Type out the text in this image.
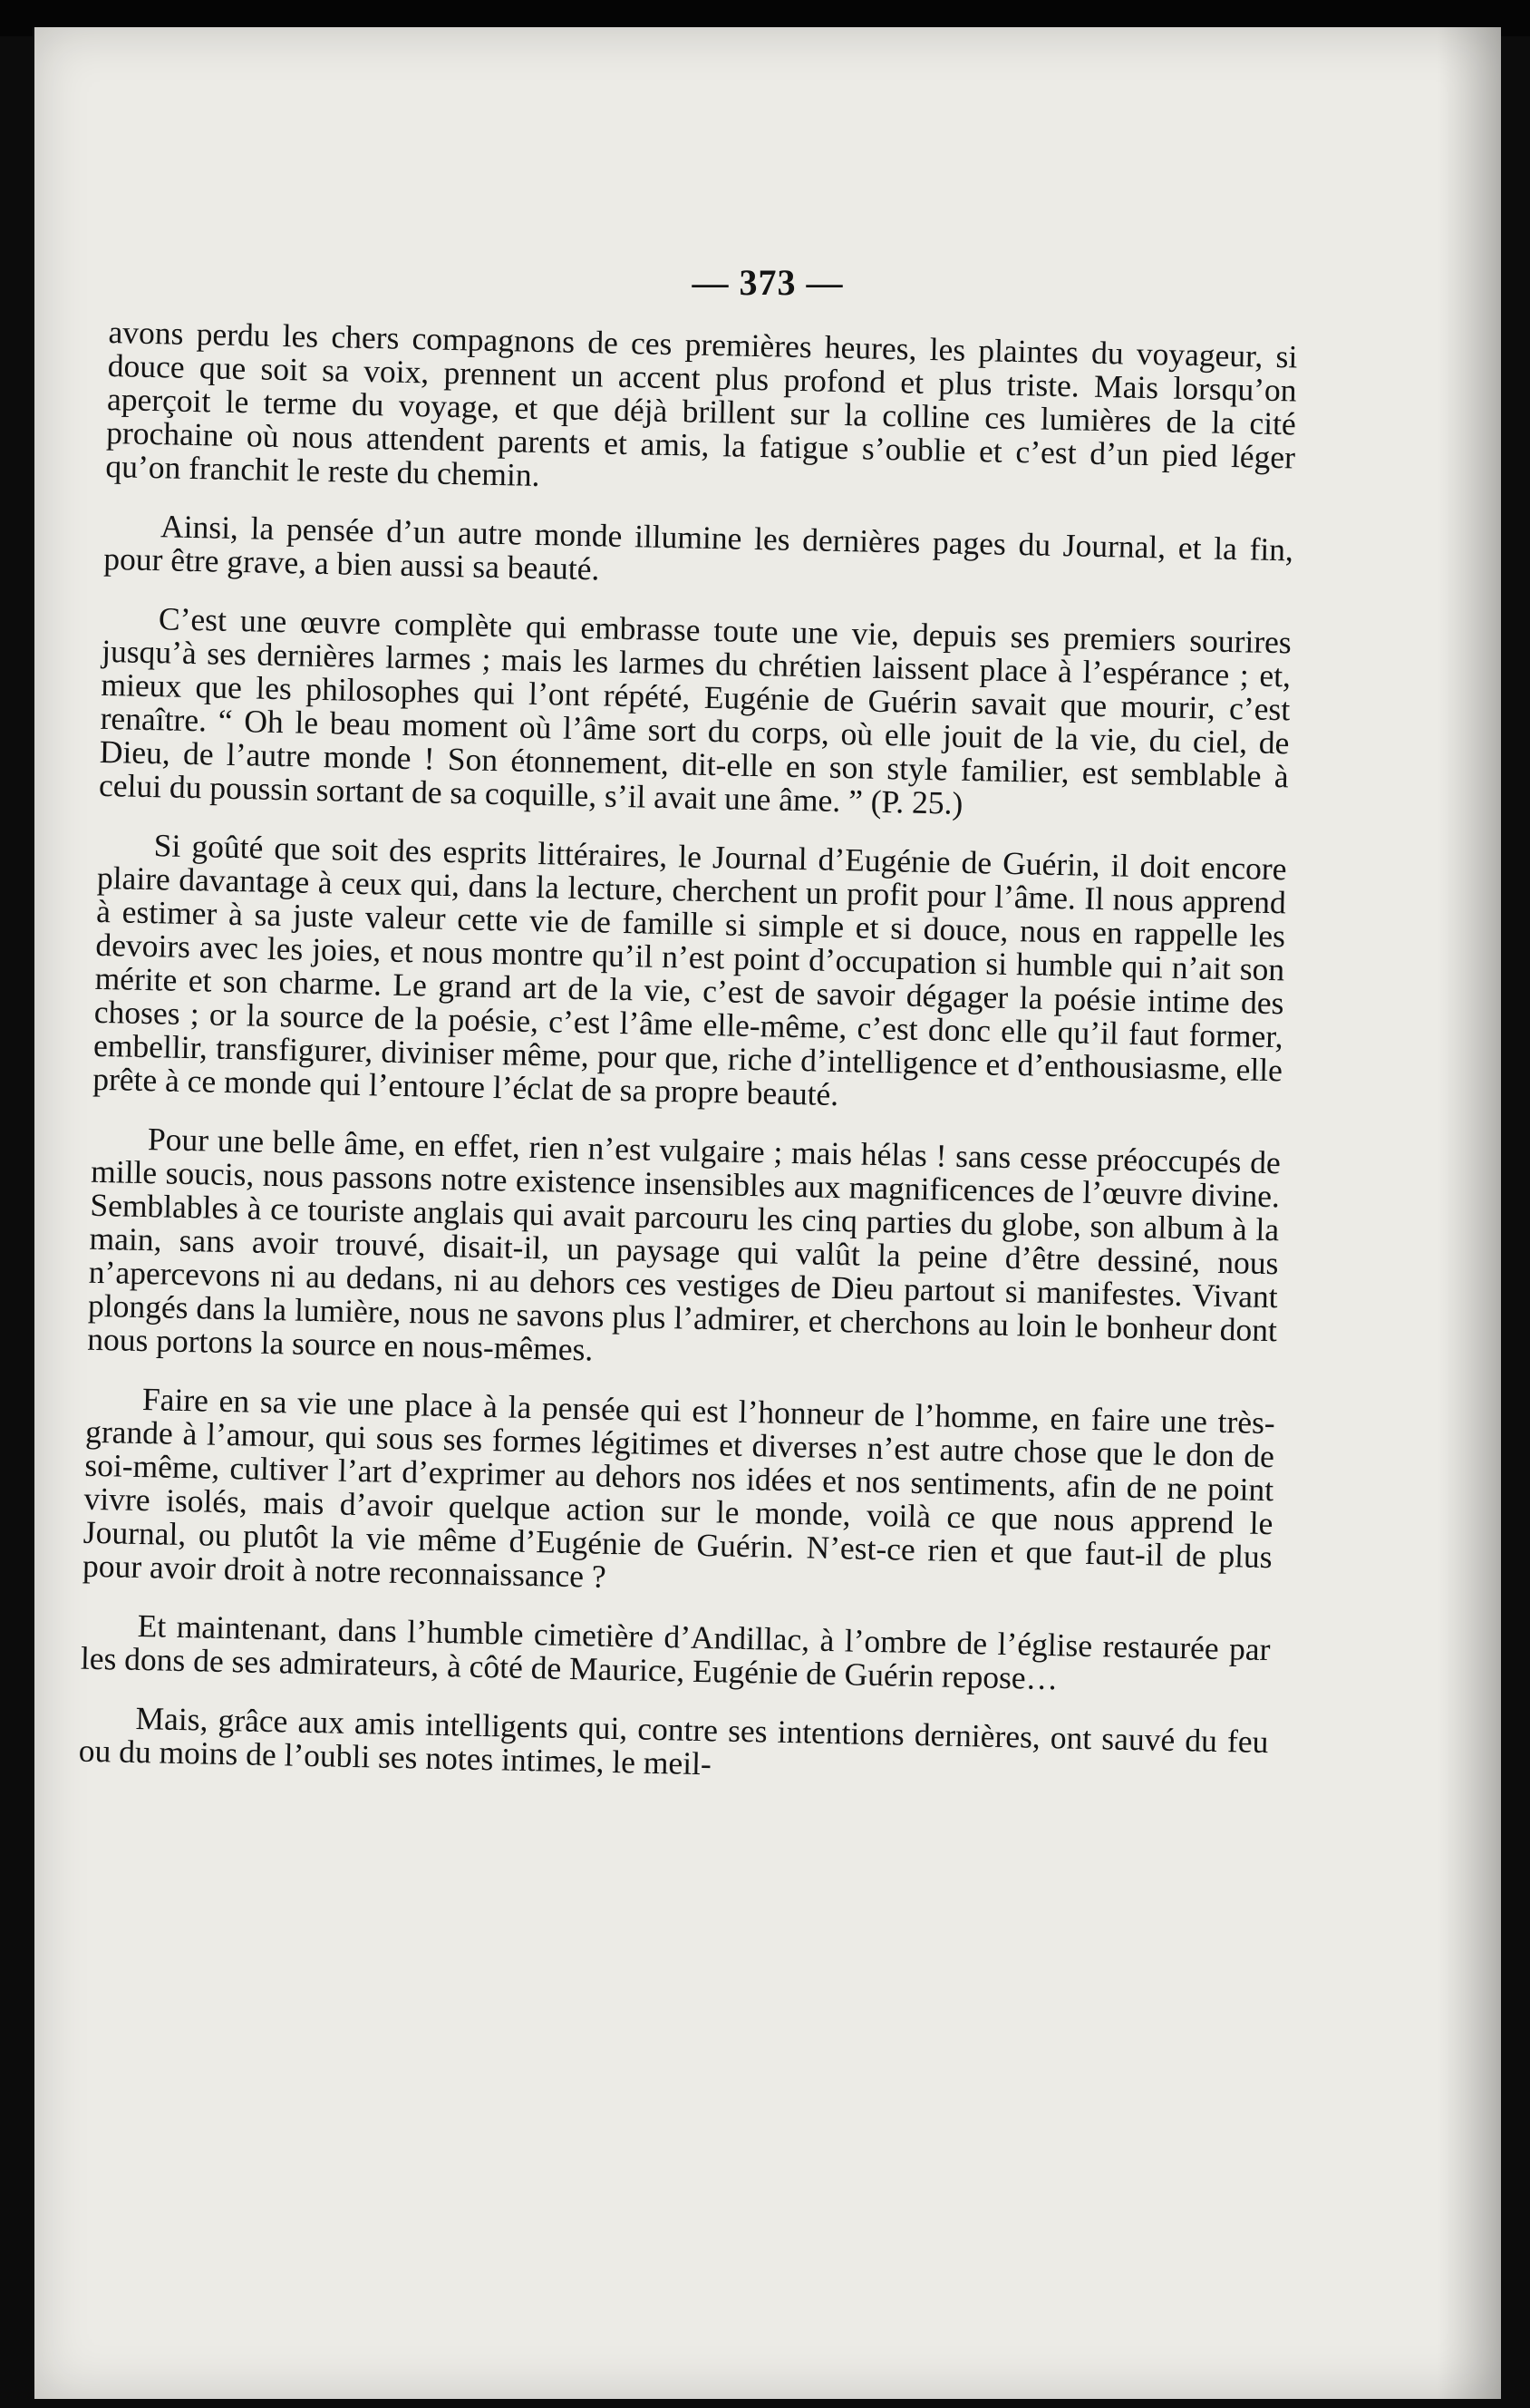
— 373 —

avons perdu les chers compagnons de ces premières heures, les plaintes du voyageur, si douce que soit sa voix, prennent un accent plus profond et plus triste. Mais lorsqu’on aperçoit le terme du voyage, et que déjà brillent sur la colline ces lumières de la cité prochaine où nous attendent parents et amis, la fatigue s’oublie et c’est d’un pied léger qu’on franchit le reste du chemin.

Ainsi, la pensée d’un autre monde illumine les dernières pages du Journal, et la fin, pour être grave, a bien aussi sa beauté.

C’est une œuvre complète qui embrasse toute une vie, depuis ses premiers sourires jusqu’à ses dernières larmes ; mais les larmes du chrétien laissent place à l’espérance ; et, mieux que les philosophes qui l’ont répété, Eugénie de Guérin savait que mourir, c’est renaître. “ Oh le beau moment où l’âme sort du corps, où elle jouit de la vie, du ciel, de Dieu, de l’autre monde ! Son étonnement, dit-elle en son style familier, est semblable à celui du poussin sortant de sa coquille, s’il avait une âme. ” (P. 25.)

Si goûté que soit des esprits littéraires, le Journal d’Eugénie de Guérin, il doit encore plaire davantage à ceux qui, dans la lecture, cherchent un profit pour l’âme. Il nous apprend à estimer à sa juste valeur cette vie de famille si simple et si douce, nous en rappelle les devoirs avec les joies, et nous montre qu’il n’est point d’occupation si humble qui n’ait son mérite et son charme. Le grand art de la vie, c’est de savoir dégager la poésie intime des choses ; or la source de la poésie, c’est l’âme elle-même, c’est donc elle qu’il faut former, embellir, transfigurer, diviniser même, pour que, riche d’intelligence et d’enthousiasme, elle prête à ce monde qui l’entoure l’éclat de sa propre beauté.

Pour une belle âme, en effet, rien n’est vulgaire ; mais hélas ! sans cesse préoccupés de mille soucis, nous passons notre existence insensibles aux magnificences de l’œuvre divine. Semblables à ce touriste anglais qui avait parcouru les cinq parties du globe, son album à la main, sans avoir trouvé, disait-il, un paysage qui valût la peine d’être dessiné, nous n’apercevons ni au dedans, ni au dehors ces vestiges de Dieu partout si manifestes. Vivant plongés dans la lumière, nous ne savons plus l’admirer, et cherchons au loin le bonheur dont nous portons la source en nous-mêmes.

Faire en sa vie une place à la pensée qui est l’honneur de l’homme, en faire une très-grande à l’amour, qui sous ses formes légitimes et diverses n’est autre chose que le don de soi-même, cultiver l’art d’exprimer au dehors nos idées et nos sentiments, afin de ne point vivre isolés, mais d’avoir quelque action sur le monde, voilà ce que nous apprend le Journal, ou plutôt la vie même d’Eugénie de Guérin. N’est-ce rien et que faut-il de plus pour avoir droit à notre reconnaissance ?

Et maintenant, dans l’humble cimetière d’Andillac, à l’ombre de l’église restaurée par les dons de ses admirateurs, à côté de Maurice, Eugénie de Guérin repose…

Mais, grâce aux amis intelligents qui, contre ses intentions dernières, ont sauvé du feu ou du moins de l’oubli ses notes intimes, le meil-
